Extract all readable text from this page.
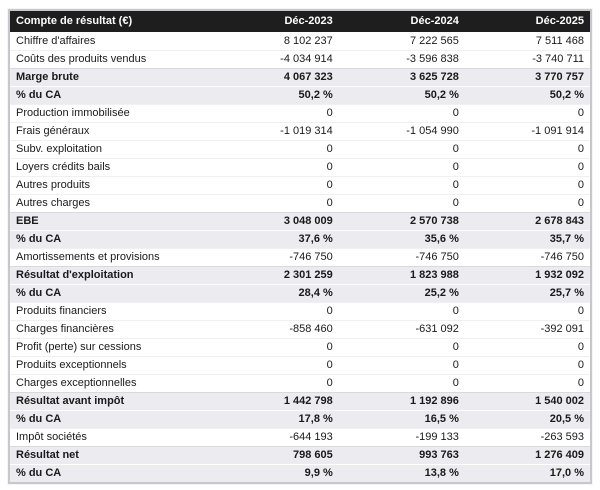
Compte de résultat (€)	Déc-2023	Déc-2024	Déc-2025
Chiffre d'affaires	8 102 237	7 222 565	7 511 468
Coûts des produits vendus	-4 034 914	-3 596 838	-3 740 711
Marge brute	4 067 323	3 625 728	3 770 757
% du CA	50,2 %	50,2 %	50,2 %
Production immobilisée	0	0	0
Frais généraux	-1 019 314	-1 054 990	-1 091 914
Subv. exploitation	0	0	0
Loyers crédits bails	0	0	0
Autres produits	0	0	0
Autres charges	0	0	0
EBE	3 048 009	2 570 738	2 678 843
% du CA	37,6 %	35,6 %	35,7 %
Amortissements et provisions	-746 750	-746 750	-746 750
Résultat d'exploitation	2 301 259	1 823 988	1 932 092
% du CA	28,4 %	25,2 %	25,7 %
Produits financiers	0	0	0
Charges financières	-858 460	-631 092	-392 091
Profit (perte) sur cessions	0	0	0
Produits exceptionnels	0	0	0
Charges exceptionnelles	0	0	0
Résultat avant impôt	1 442 798	1 192 896	1 540 002
% du CA	17,8 %	16,5 %	20,5 %
Impôt sociétés	-644 193	-199 133	-263 593
Résultat net	798 605	993 763	1 276 409
% du CA	9,9 %	13,8 %	17,0 %
